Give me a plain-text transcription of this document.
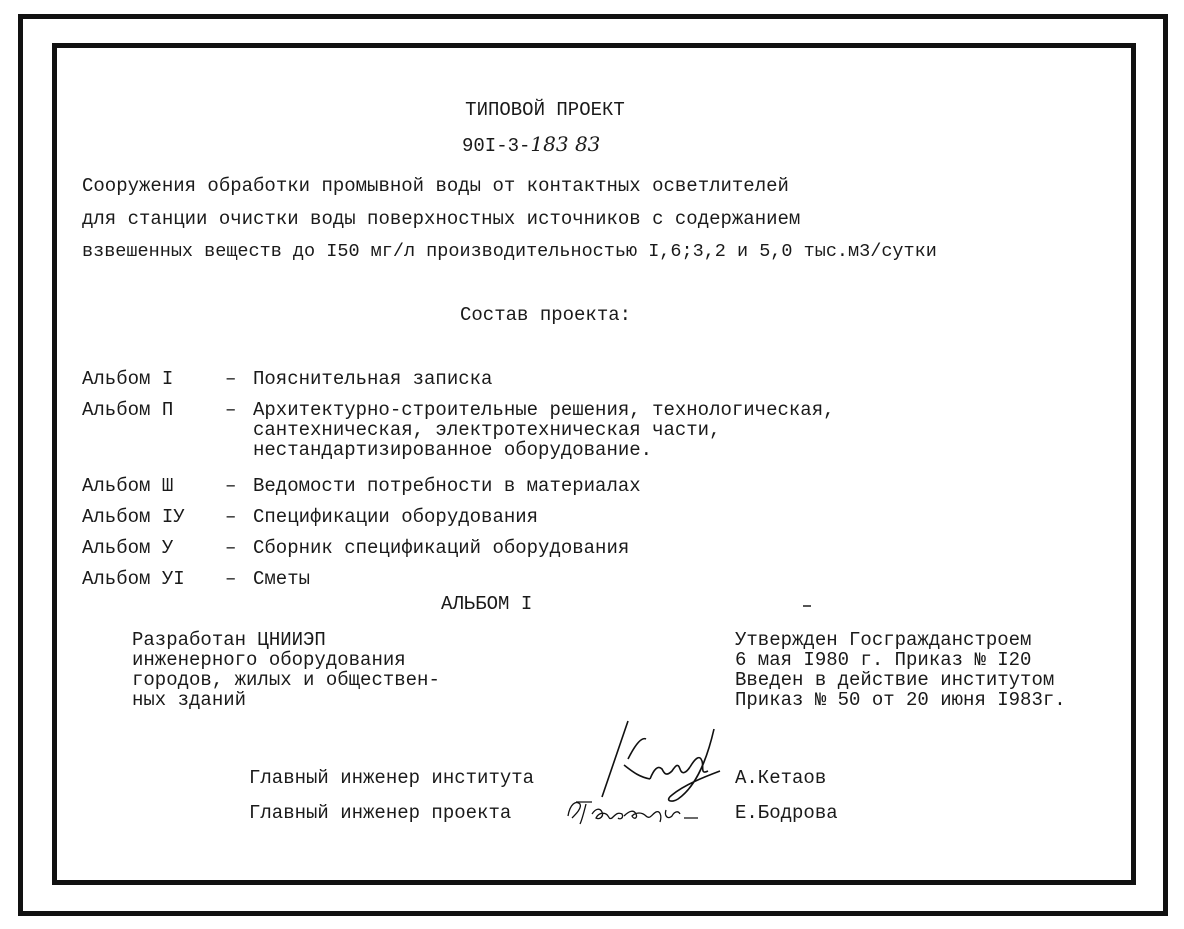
ТИПОВОЙ ПРОЕКТ
90I-3-183 83
Сооружения обработки промывной воды от контактных осветлителей
для станции очистки воды поверхностных источников с содержанием
взвешенных веществ до I50 мг/л производительностью I,6;3,2 и 5,0 тыс.м3/сутки
Состав проекта:
Альбом I	– Пояснительная записка
Альбом П	– Архитектурно-строительные решения, технологическая,
сантехническая, электротехническая части,
нестандартизированное оборудование.
Альбом Ш	– Ведомости потребности в материалах
Альбом IУ – Спецификации оборудования
Альбом У	– Сборник спецификаций оборудования
Альбом УI – Сметы
АЛЬБОМ I
Разработан ЦНИИЭП
инженерного оборудования
городов, жилых и обществен-
ных зданий
Утвержден Госгражданстроем
6 мая I980 г. Приказ № I20
Введен в действие институтом
Приказ № 50 от 20 июня I983г.
Главный инженер института	А.Кетаов
Главный инженер проекта	Е.Бодрова
